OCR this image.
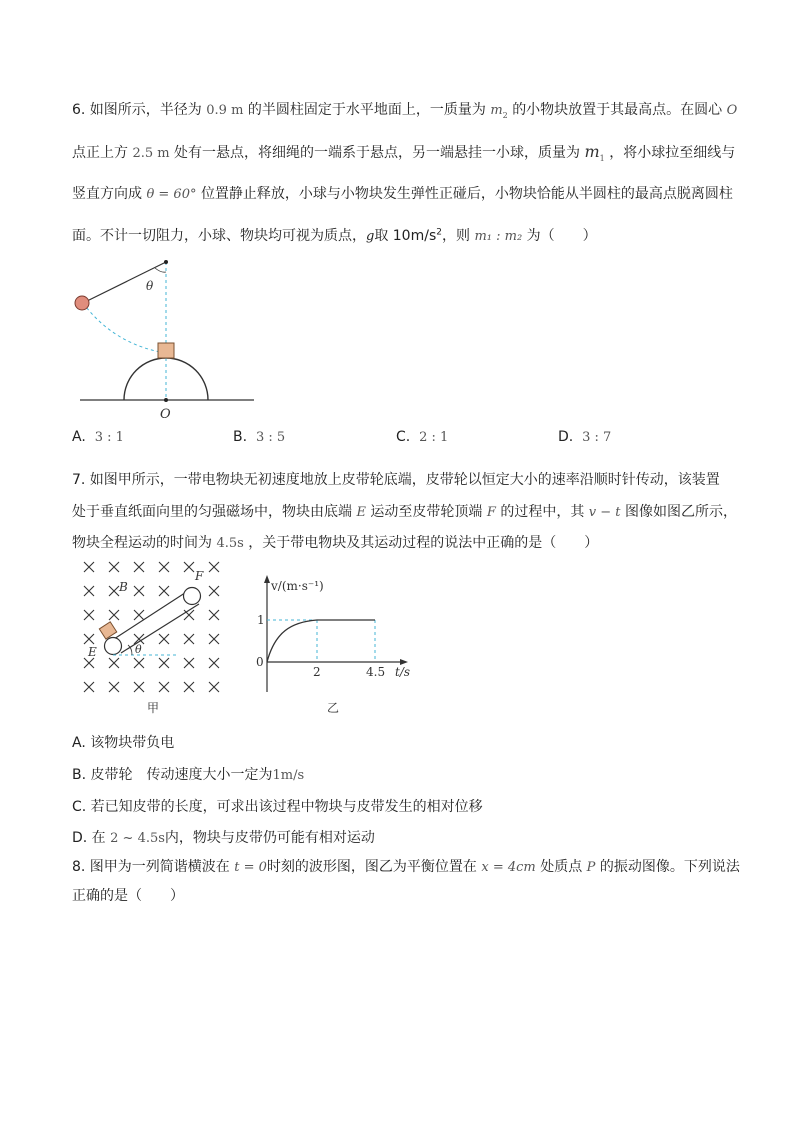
6. 如图所示，半径为 0.9 m 的半圆柱固定于水平地面上，一质量为 $m_2$ 的小物块放置于其最高点。在圆心 O
点正上方 2.5 m 处有一悬点，将细绳的一端系于悬点，另一端悬挂一小球，质量为 $m_1$ ，将小球拉至细线与
竖直方向成 θ = 60° 位置静止释放，小球与小物块发生弹性正碰后，小物块恰能从半圆柱的最高点脱离圆柱
面。不计一切阻力，小球、物块均可视为质点，g取 $10m/s^2$，则 m₁ : m₂ 为（　　）
θ
O
A. 3 : 1	B. 3 : 5	C. 2 : 1	D. 3 : 7
7. 如图甲所示，一带电物块无初速度地放上皮带轮底端，皮带轮以恒定大小的速率沿顺时针传动，该装置
处于垂直纸面向里的匀强磁场中，物块由底端 E 运动至皮带轮顶端 F 的过程中，其 v − t 图像如图乙所示，
物块全程运动的时间为 4.5s ，关于带电物块及其运动过程的说法中正确的是（　　）
θ
B
F
E
甲
v/(m·s⁻¹)
t/s
1
0
2	4.5
乙
A. 该物块带负电
B. 皮带轮　传动速度大小一定为1m/s
C. 若已知皮带的长度，可求出该过程中物块与皮带发生的相对位移
D. 在 2 ~ 4.5s内，物块与皮带仍可能有相对运动
8. 图甲为一列简谐横波在 t = 0时刻的波形图，图乙为平衡位置在 x = 4cm 处质点 P 的振动图像。下列说法
正确的是（　　）
